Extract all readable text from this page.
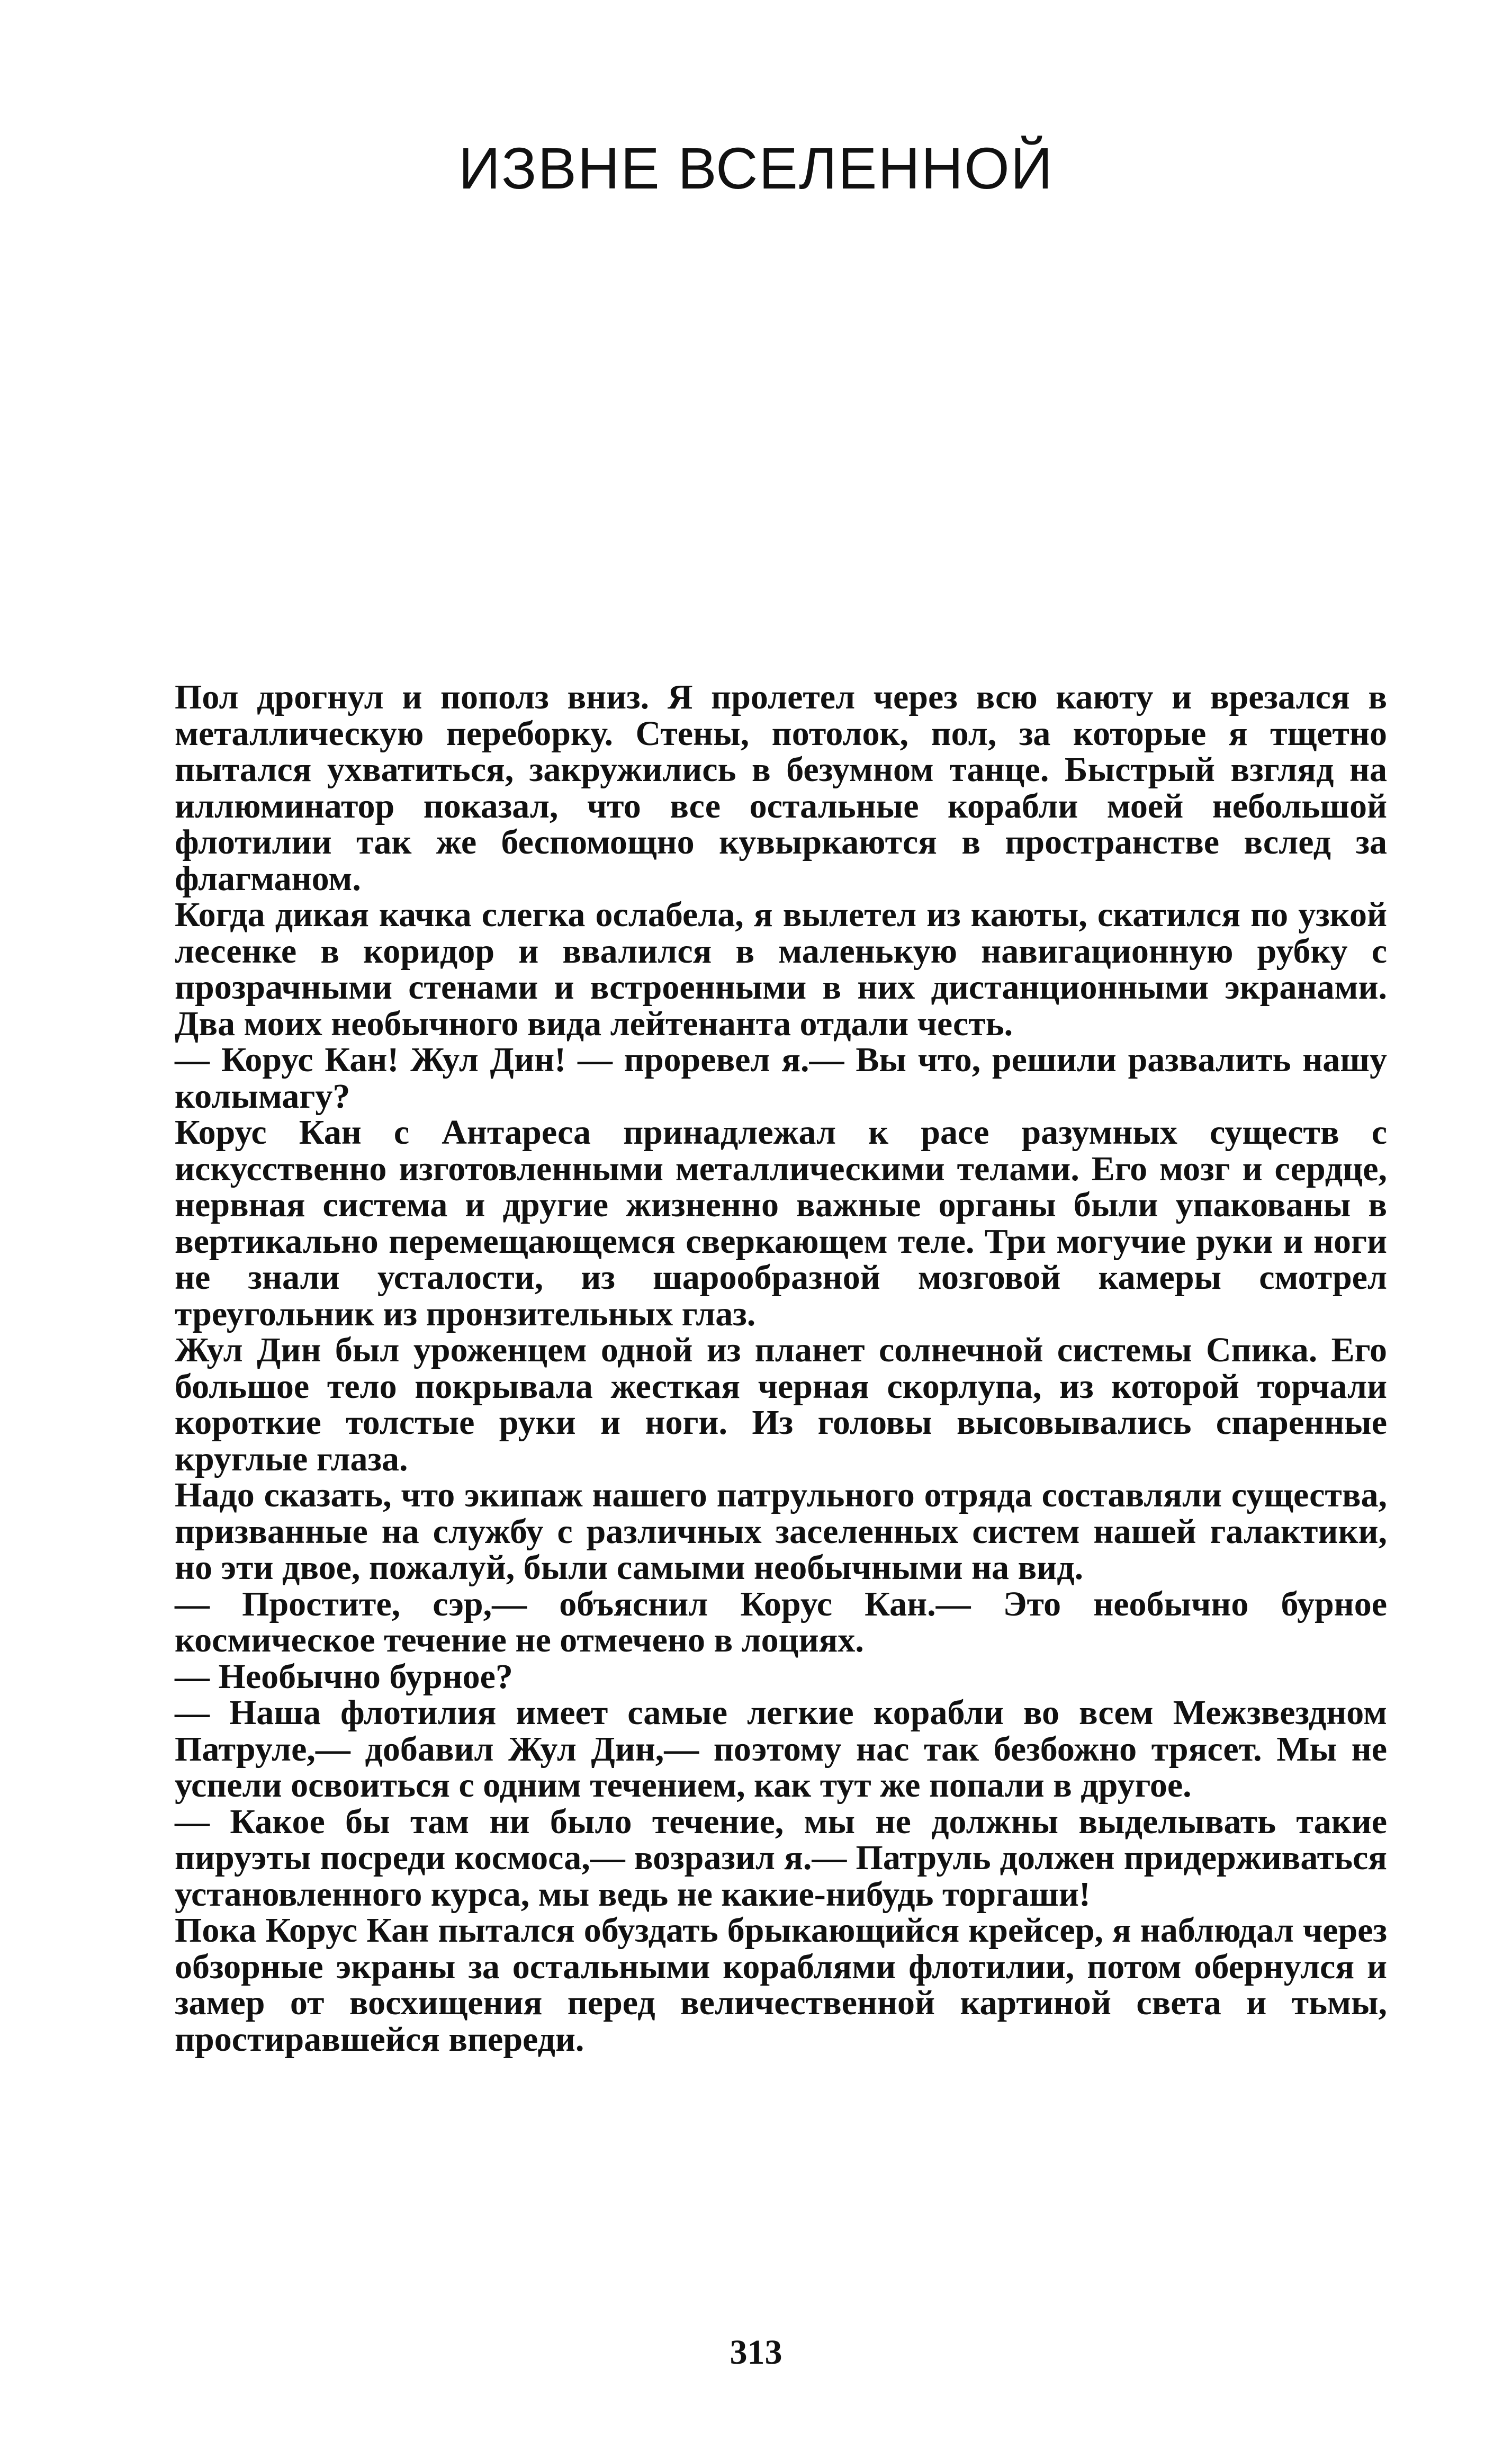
ИЗВНЕ ВСЕЛЕННОЙ

Пол дрогнул и пополз вниз. Я пролетел через всю каюту и врезался в металлическую переборку. Стены, потолок, пол, за которые я тщетно пытался ухватиться, закружились в безумном танце. Быстрый взгляд на иллюминатор показал, что все остальные корабли моей небольшой флотилии так же беспомощно кувыркаются в пространстве вслед за флагманом.

Когда дикая качка слегка ослабела, я вылетел из каюты, скатился по узкой лесенке в коридор и ввалился в маленькую навигационную рубку с прозрачными стенами и встроенными в них дистанционными экранами. Два моих необычного вида лейтенанта отдали честь.

— Корус Кан! Жул Дин! — проревел я.— Вы что, решили развалить нашу колымагу?

Корус Кан с Антареса принадлежал к расе разумных существ с искусственно изготовленными металлическими телами. Его мозг и сердце, нервная система и другие жизненно важные органы были упакованы в вертикально перемещающемся сверкающем теле. Три могучие руки и ноги не знали усталости, из шарообразной мозговой камеры смотрел треугольник из пронзительных глаз.

Жул Дин был уроженцем одной из планет солнечной системы Спика. Его большое тело покрывала жесткая черная скорлупа, из которой торчали короткие толстые руки и ноги. Из головы высовывались спаренные круглые глаза.

Надо сказать, что экипаж нашего патрульного отряда составляли существа, призванные на службу с различных заселенных систем нашей галактики, но эти двое, пожалуй, были самыми необычными на вид.

— Простите, сэр,— объяснил Корус Кан.— Это необычно бурное космическое течение не отмечено в лоциях.

— Необычно бурное?

— Наша флотилия имеет самые легкие корабли во всем Межзвездном Патруле,— добавил Жул Дин,— поэтому нас так безбожно трясет. Мы не успели освоиться с одним течением, как тут же попали в другое.

— Какое бы там ни было течение, мы не должны выделывать такие пируэты посреди космоса,— возразил я.— Патруль должен придерживаться установленного курса, мы ведь не какие-нибудь торгаши!

Пока Корус Кан пытался обуздать брыкающийся крейсер, я наблюдал через обзорные экраны за остальными кораблями флотилии, потом обернулся и замер от восхищения перед величественной картиной света и тьмы, простиравшейся впереди.

313
